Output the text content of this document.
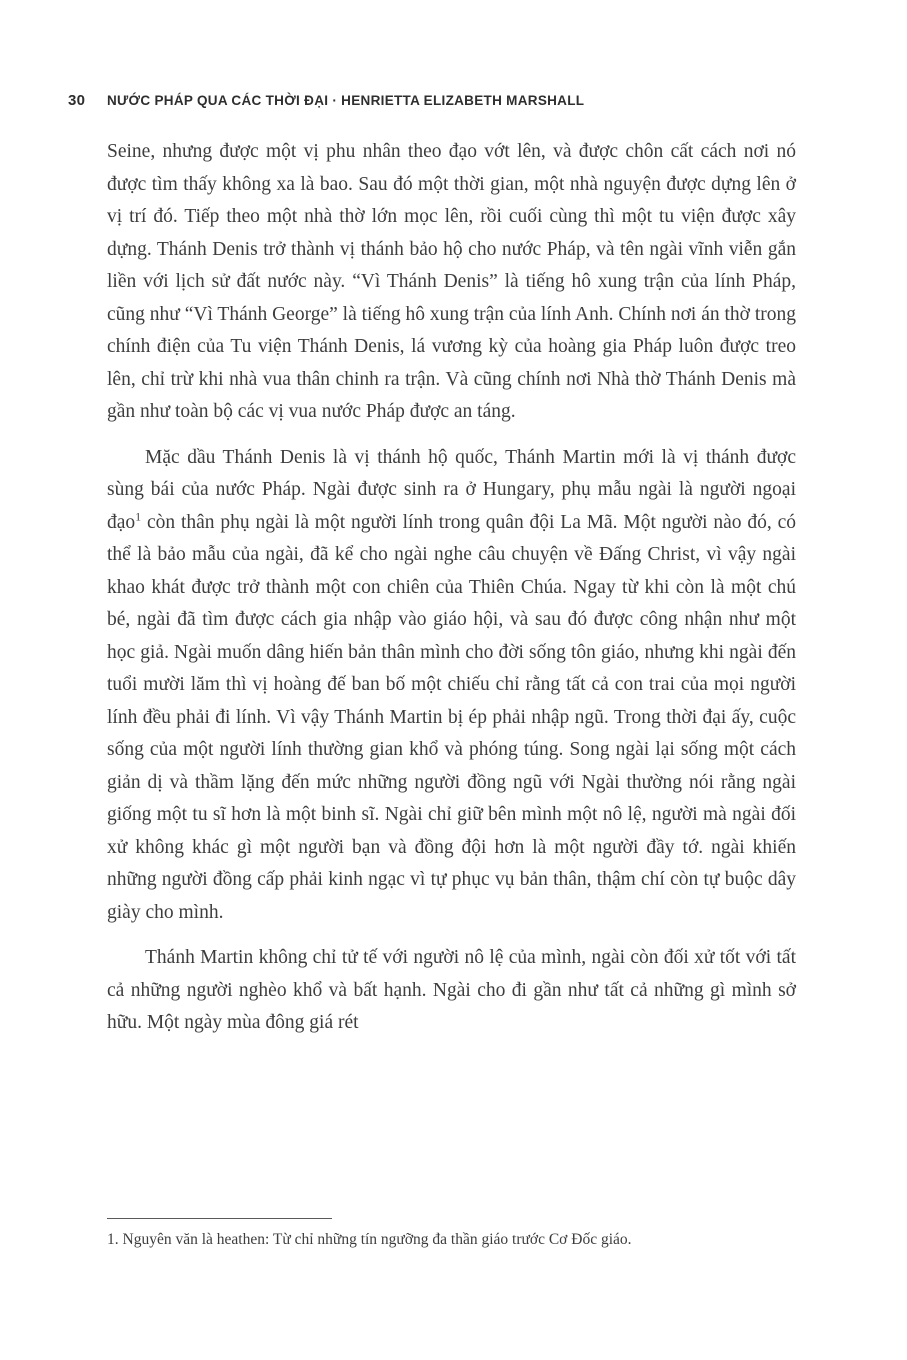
30 NƯỚC PHÁP QUA CÁC THỜI ĐẠI · HENRIETTA ELIZABETH MARSHALL

Seine, nhưng được một vị phu nhân theo đạo vớt lên, và được chôn cất cách nơi nó được tìm thấy không xa là bao. Sau đó một thời gian, một nhà nguyện được dựng lên ở vị trí đó. Tiếp theo một nhà thờ lớn mọc lên, rồi cuối cùng thì một tu viện được xây dựng. Thánh Denis trở thành vị thánh bảo hộ cho nước Pháp, và tên ngài vĩnh viễn gắn liền với lịch sử đất nước này. “Vì Thánh Denis” là tiếng hô xung trận của lính Pháp, cũng như “Vì Thánh George” là tiếng hô xung trận của lính Anh. Chính nơi án thờ trong chính điện của Tu viện Thánh Denis, lá vương kỳ của hoàng gia Pháp luôn được treo lên, chỉ trừ khi nhà vua thân chinh ra trận. Và cũng chính nơi Nhà thờ Thánh Denis mà gần như toàn bộ các vị vua nước Pháp được an táng.

Mặc dầu Thánh Denis là vị thánh hộ quốc, Thánh Martin mới là vị thánh được sùng bái của nước Pháp. Ngài được sinh ra ở Hungary, phụ mẫu ngài là người ngoại đạo$^1$ còn thân phụ ngài là một người lính trong quân đội La Mã. Một người nào đó, có thể là bảo mẫu của ngài, đã kể cho ngài nghe câu chuyện về Đấng Christ, vì vậy ngài khao khát được trở thành một con chiên của Thiên Chúa. Ngay từ khi còn là một chú bé, ngài đã tìm được cách gia nhập vào giáo hội, và sau đó được công nhận như một học giả. Ngài muốn dâng hiến bản thân mình cho đời sống tôn giáo, nhưng khi ngài đến tuổi mười lăm thì vị hoàng đế ban bố một chiếu chỉ rằng tất cả con trai của mọi người lính đều phải đi lính. Vì vậy Thánh Martin bị ép phải nhập ngũ. Trong thời đại ấy, cuộc sống của một người lính thường gian khổ và phóng túng. Song ngài lại sống một cách giản dị và thầm lặng đến mức những người đồng ngũ với Ngài thường nói rằng ngài giống một tu sĩ hơn là một binh sĩ. Ngài chỉ giữ bên mình một nô lệ, người mà ngài đối xử không khác gì một người bạn và đồng đội hơn là một người đầy tớ. ngài khiến những người đồng cấp phải kinh ngạc vì tự phục vụ bản thân, thậm chí còn tự buộc dây giày cho mình.

Thánh Martin không chỉ tử tế với người nô lệ của mình, ngài còn đối xử tốt với tất cả những người nghèo khổ và bất hạnh. Ngài cho đi gần như tất cả những gì mình sở hữu. Một ngày mùa đông giá rét

1. Nguyên văn là heathen: Từ chỉ những tín ngưỡng đa thần giáo trước Cơ Đốc giáo.
